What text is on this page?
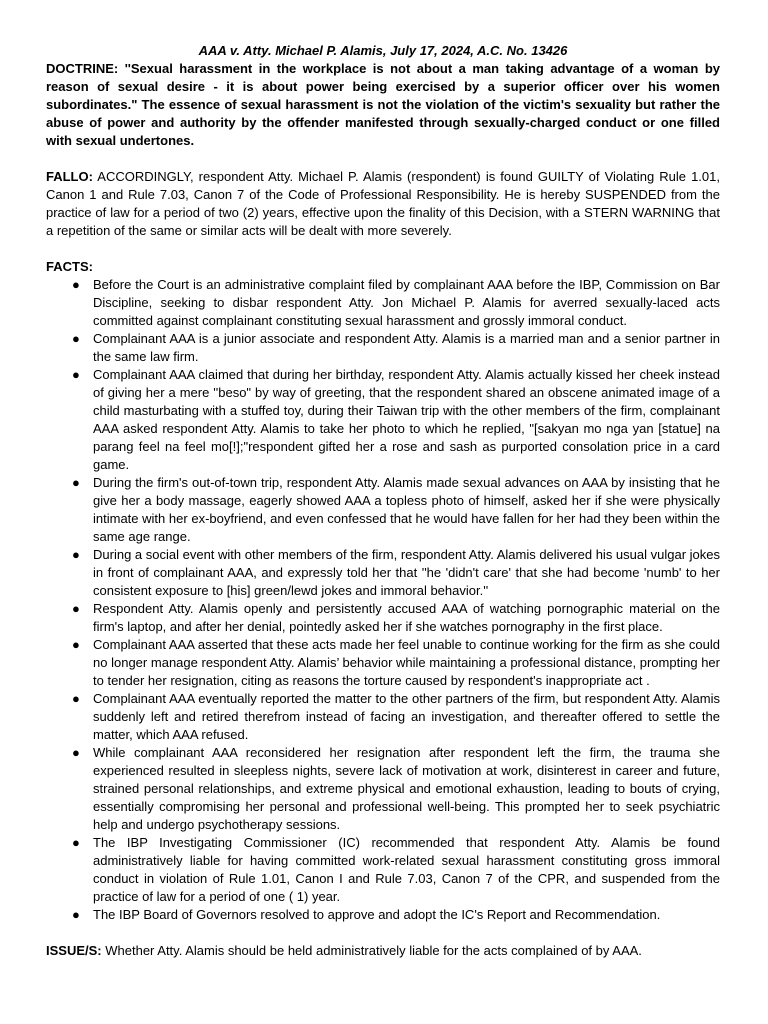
AAA v. Atty. Michael P. Alamis, July 17, 2024, A.C. No. 13426

DOCTRINE: ''Sexual harassment in the workplace is not about a man taking advantage of a woman by reason of sexual desire - it is about power being exercised by a superior officer over his women subordinates." The essence of sexual harassment is not the violation of the victim's sexuality but rather the abuse of power and authority by the offender manifested through sexually-charged conduct or one filled with sexual undertones.

FALLO: ACCORDINGLY, respondent Atty. Michael P. Alamis (respondent) is found GUILTY of Violating Rule 1.01, Canon 1 and Rule 7.03, Canon 7 of the Code of Professional Responsibility. He is hereby SUSPENDED from the practice of law for a period of two (2) years, effective upon the finality of this Decision, with a STERN WARNING that a repetition of the same or similar acts will be dealt with more severely.

FACTS:

● Before the Court is an administrative complaint filed by complainant AAA before the IBP, Commission on Bar Discipline, seeking to disbar respondent Atty. Jon Michael P. Alamis for averred sexually-laced acts committed against complainant constituting sexual harassment and grossly immoral conduct.
● Complainant AAA is a junior associate and respondent Atty. Alamis is a married man and a senior partner in the same law firm.
● Complainant AAA claimed that during her birthday, respondent Atty. Alamis actually kissed her cheek instead of giving her a mere ''beso" by way of greeting, that the respondent shared an obscene animated image of a child masturbating with a stuffed toy, during their Taiwan trip with the other members of the firm, complainant AAA asked respondent Atty. Alamis to take her photo to which he replied, "[sakyan mo nga yan [statue] na parang feel na feel mo[!];"respondent gifted her a rose and sash as purported consolation price in a card game.
● During the firm's out-of-town trip, respondent Atty. Alamis made sexual advances on AAA by insisting that he give her a body massage, eagerly showed AAA a topless photo of himself, asked her if she were physically intimate with her ex-boyfriend, and even confessed that he would have fallen for her had they been within the same age range.
● During a social event with other members of the firm, respondent Atty. Alamis delivered his usual vulgar jokes in front of complainant AAA, and expressly told her that ''he 'didn't care' that she had become 'numb' to her consistent exposure to [his] green/lewd jokes and immoral behavior.''
● Respondent Atty. Alamis openly and persistently accused AAA of watching pornographic material on the firm's laptop, and after her denial, pointedly asked her if she watches pornography in the first place.
● Complainant AAA asserted that these acts made her feel unable to continue working for the firm as she could no longer manage respondent Atty. Alamis’ behavior while maintaining a professional distance, prompting her to tender her resignation, citing as reasons the torture caused by respondent's inappropriate act .
● Complainant AAA eventually reported the matter to the other partners of the firm, but respondent Atty. Alamis suddenly left and retired therefrom instead of facing an investigation, and thereafter offered to settle the matter, which AAA refused.
● While complainant AAA reconsidered her resignation after respondent left the firm, the trauma she experienced resulted in sleepless nights, severe lack of motivation at work, disinterest in career and future, strained personal relationships, and extreme physical and emotional exhaustion, leading to bouts of crying, essentially compromising her personal and professional well-being. This prompted her to seek psychiatric help and undergo psychotherapy sessions.
● The IBP Investigating Commissioner (IC) recommended that respondent Atty. Alamis be found administratively liable for having committed work-related sexual harassment constituting gross immoral conduct in violation of Rule 1.01, Canon I and Rule 7.03, Canon 7 of the CPR, and suspended from the practice of law for a period of one ( 1) year.
● The IBP Board of Governors resolved to approve and adopt the IC's Report and Recommendation.

ISSUE/S: Whether Atty. Alamis should be held administratively liable for the acts complained of by AAA.
